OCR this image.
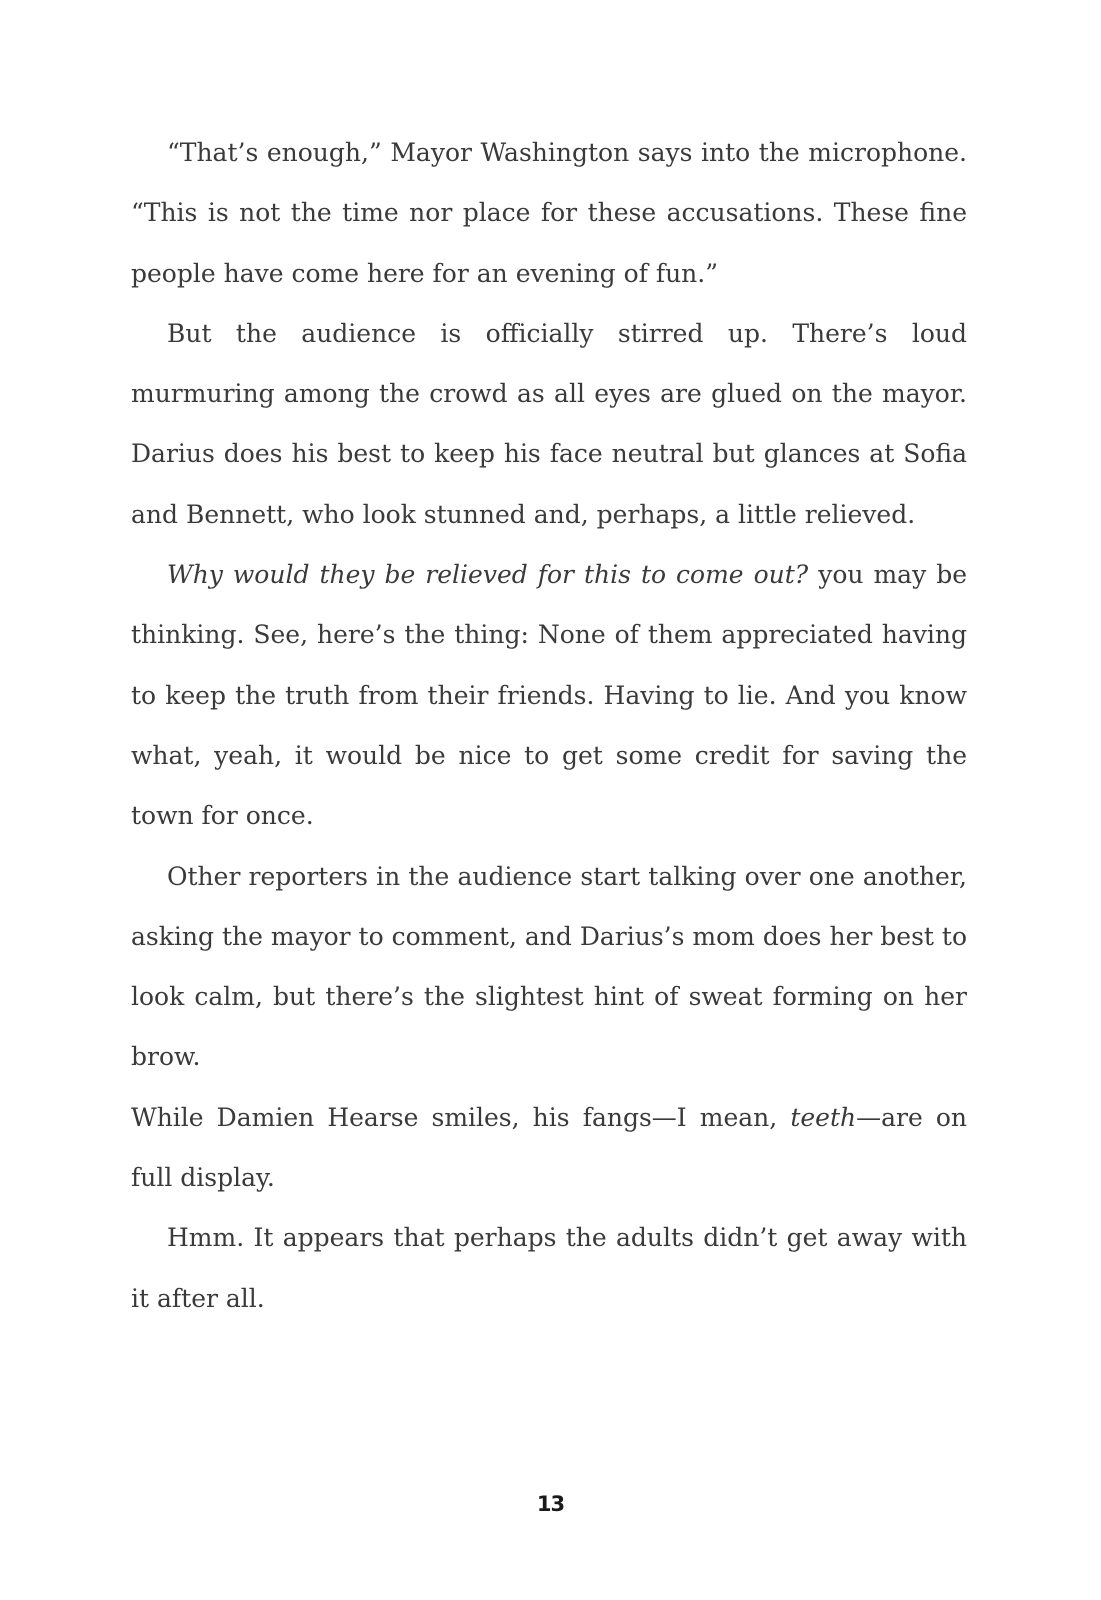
“That’s enough,” Mayor Washington says into the microphone. “This is not the time nor place for these accusations. These fine people have come here for an evening of fun.”

But the audience is officially stirred up. There’s loud murmuring among the crowd as all eyes are glued on the mayor. Darius does his best to keep his face neutral but glances at Sofia and Bennett, who look stunned and, perhaps, a little relieved.

Why would they be relieved for this to come out? you may be thinking. See, here’s the thing: None of them appreciated having to keep the truth from their friends. Having to lie. And you know what, yeah, it would be nice to get some credit for saving the town for once.

Other reporters in the audience start talking over one another, asking the mayor to comment, and Darius’s mom does her best to look calm, but there’s the slightest hint of sweat forming on her brow.

While Damien Hearse smiles, his fangs—I mean, teeth—are on full display.

Hmm. It appears that perhaps the adults didn’t get away with it after all.

13
